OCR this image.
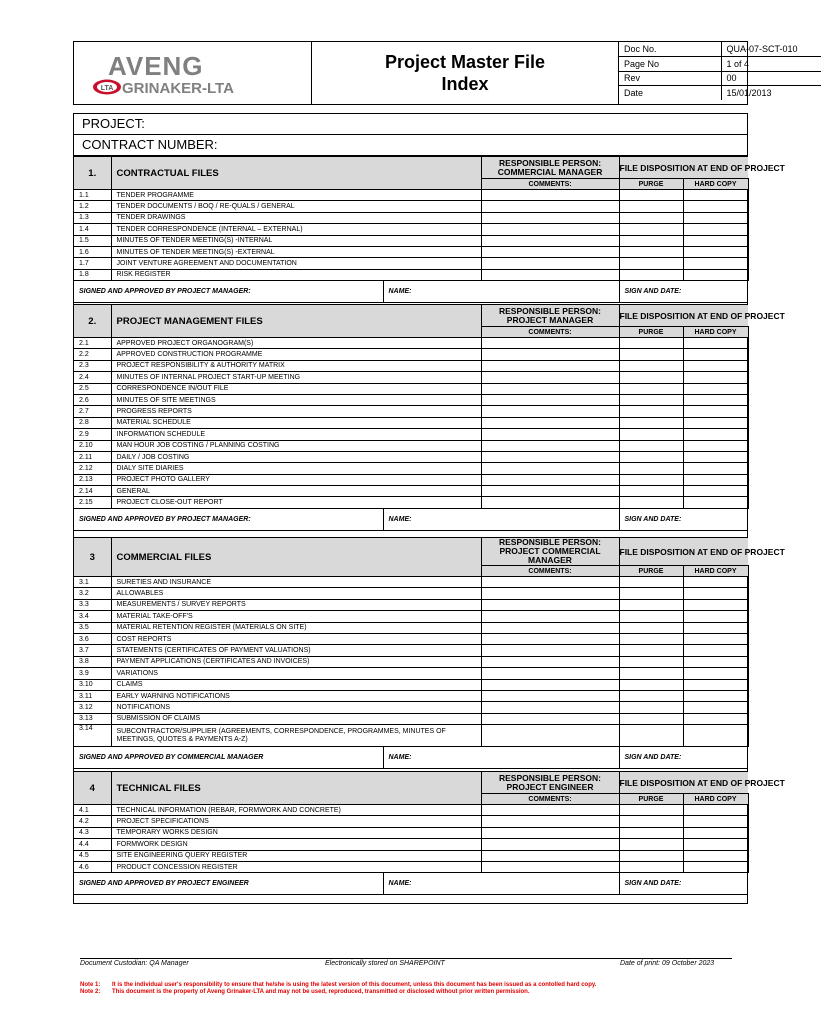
AVENG
LTA GRINAKER-LTA
Project Master File
Index
Doc No.	QUA-07-SCT-010
Page No	1 of 4
Rev	00
Date	15/01/2013
PROJECT:
CONTRACT NUMBER:
1.	CONTRACTUAL FILES		RESPONSIBLE PERSON:
COMMERCIAL MANAGER	FILE DISPOSITION AT END OF PROJECT		
			COMMENTS:	PURGE	HARD COPY	
1.1	TENDER PROGRAMME					
1.2	TENDER DOCUMENTS / BOQ / RE-QUALS / GENERAL					
1.3	TENDER DRAWINGS					
1.4	TENDER CORRESPONDENCE (INTERNAL – EXTERNAL)					
1.5	MINUTES OF TENDER MEETING(S) -INTERNAL					
1.6	MINUTES OF TENDER MEETING(S) -EXTERNAL					
1.7	JOINT VENTURE AGREEMENT AND DOCUMENTATION					
1.8	RISK REGISTER					
SIGNED AND APPROVED BY PROJECT MANAGER:		NAME:		SIGN AND DATE:		
2.	PROJECT MANAGEMENT FILES		RESPONSIBLE PERSON:
PROJECT MANAGER	FILE DISPOSITION AT END OF PROJECT		
			COMMENTS:	PURGE	HARD COPY	
2.1	APPROVED PROJECT ORGANOGRAM(S)					
2.2	APPROVED CONSTRUCTION PROGRAMME					
2.3	PROJECT RESPONSIBILITY & AUTHORITY MATRIX					
2.4	MINUTES OF INTERNAL PROJECT START-UP MEETING					
2.5	CORRESPONDENCE IN/OUT FILE					
2.6	MINUTES OF SITE MEETINGS					
2.7	PROGRESS REPORTS					
2.8	MATERIAL SCHEDULE					
2.9	INFORMATION SCHEDULE					
2.10	MAN HOUR JOB COSTING / PLANNING COSTING					
2.11	DAILY / JOB COSTING					
2.12	DIALY SITE DIARIES					
2.13	PROJECT PHOTO GALLERY					
2.14	GENERAL					
2.15	PROJECT CLOSE-OUT REPORT					
SIGNED AND APPROVED BY PROJECT MANAGER:		NAME:		SIGN AND DATE:		
3	COMMERCIAL FILES		RESPONSIBLE PERSON:
PROJECT COMMERCIAL MANAGER	FILE DISPOSITION AT END OF PROJECT		
			COMMENTS:	PURGE	HARD COPY	
3.1	SURETIES AND INSURANCE					
3.2	ALLOWABLES					
3.3	MEASUREMENTS / SURVEY REPORTS					
3.4	MATERIAL TAKE-OFF'S					
3.5	MATERIAL RETENTION REGISTER (MATERIALS ON SITE)					
3.6	COST REPORTS					
3.7	STATEMENTS (CERTIFICATES OF PAYMENT VALUATIONS)					
3.8	PAYMENT APPLICATIONS (CERTIFICATES AND INVOICES)					
3.9	VARIATIONS					
3.10	CLAIMS					
3.11	EARLY WARNING NOTIFICATIONS					
3.12	NOTIFICATIONS					
3.13	SUBMISSION OF CLAIMS					
3.14	SUBCONTRACTOR/SUPPLIER (AGREEMENTS, CORRESPONDENCE, PROGRAMMES, MINUTES OF MEETINGS, QUOTES & PAYMENTS A-Z)					
SIGNED AND APPROVED BY COMMERCIAL MANAGER		NAME:		SIGN AND DATE:		
4	TECHNICAL FILES		RESPONSIBLE PERSON:
PROJECT ENGINEER	FILE DISPOSITION AT END OF PROJECT		
			COMMENTS:	PURGE	HARD COPY	
4.1	TECHNICAL INFORMATION (REBAR, FORMWORK AND CONCRETE)					
4.2	PROJECT SPECIFICATIONS					
4.3	TEMPORARY WORKS DESIGN					
4.4	FORMWORK DESIGN					
4.5	SITE ENGINEERING QUERY REGISTER					
4.6	PRODUCT CONCESSION REGISTER					
SIGNED AND APPROVED BY PROJECT ENGINEER		NAME:		SIGN AND DATE:		
Document Custodian: QA Manager	Electronically stored on SHAREPOINT	Date of print: 09 October 2023
Note 1: It is the individual user's responsibility to ensure that he/she is using the latest version of this document, unless this document has been issued as a contolled hard copy.
Note 2: This document is the property of Aveng Grinaker-LTA and may not be used, reproduced, transmitted or disclosed without prior written permission.
